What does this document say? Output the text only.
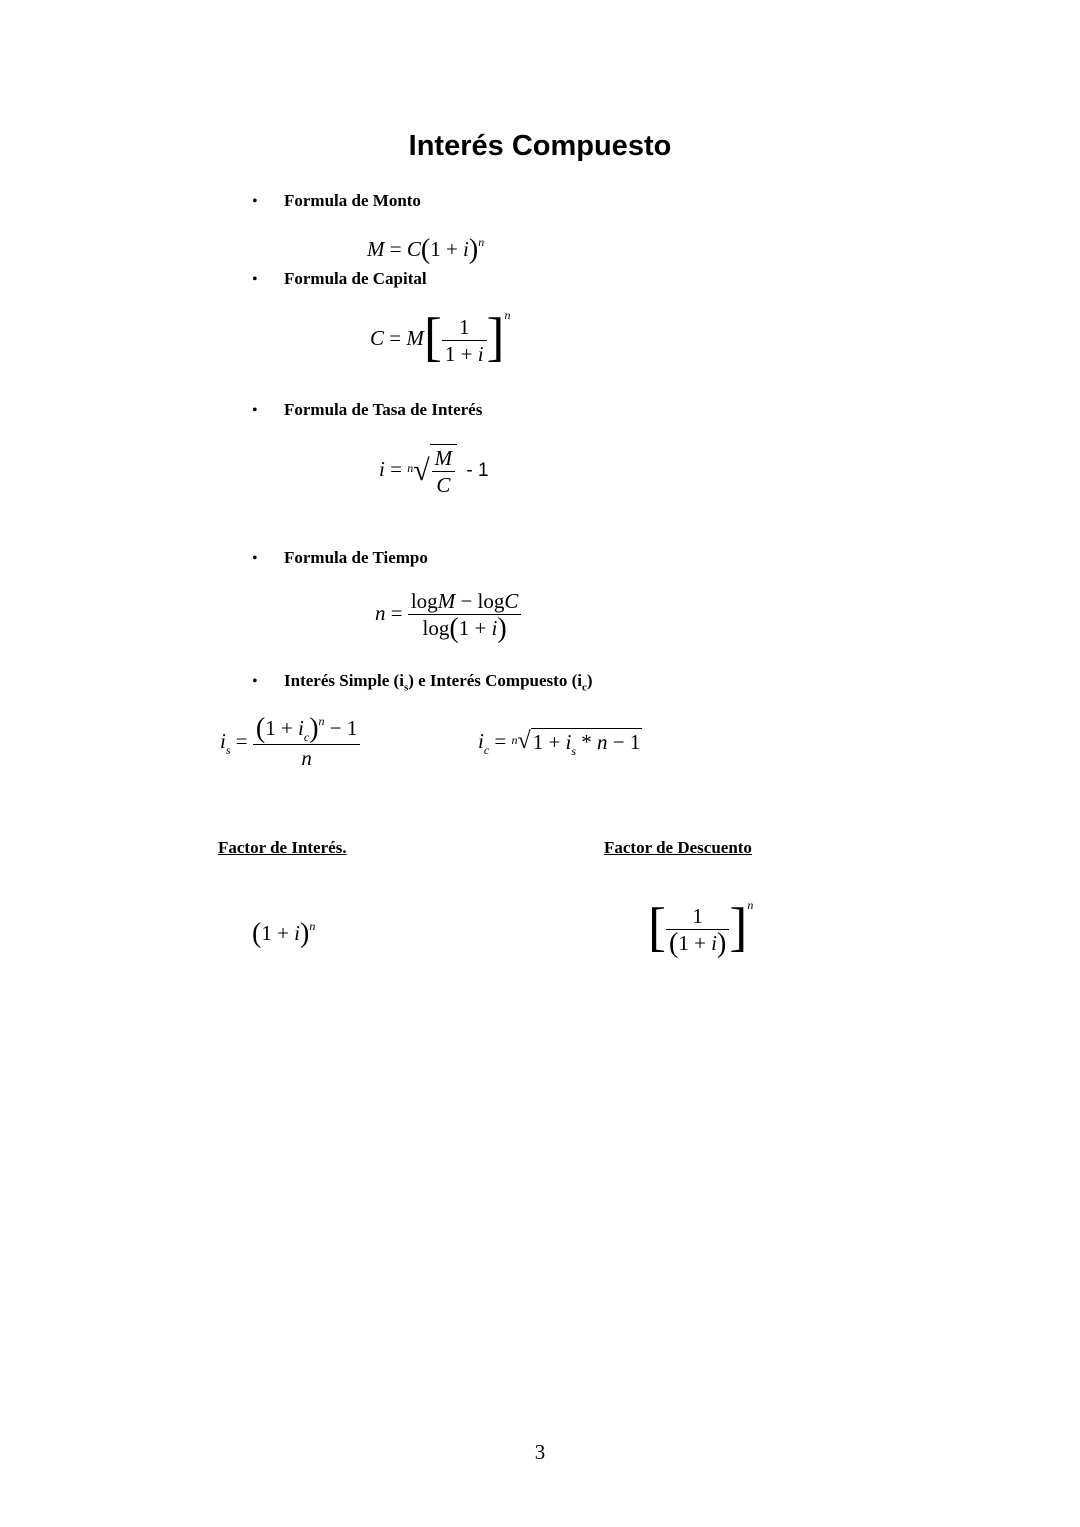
Interés Compuesto
• Formula de Monto
$M = C(1 + i)^n$
• Formula de Capital
$C = M[ \frac{1}{1 + i} ]^n$
• Formula de Tasa de Interés
$i = n√ \frac{M}{C} - 1$
• Formula de Tiempo
$n = \frac{\log M - \log C}{\log(1 + i)}$
• Interés Simple $(i_s)$ e Interés Compuesto $(i_c)$
$i_s = \frac{(1 + i_c)^n - 1}{n}$	$i_c = n√1 + i_s * n - 1$
Factor de Interés.	Factor de Descuento
$(1 + i)^n$	[ $\frac{1}{(1 + i)} ]^n$
3
